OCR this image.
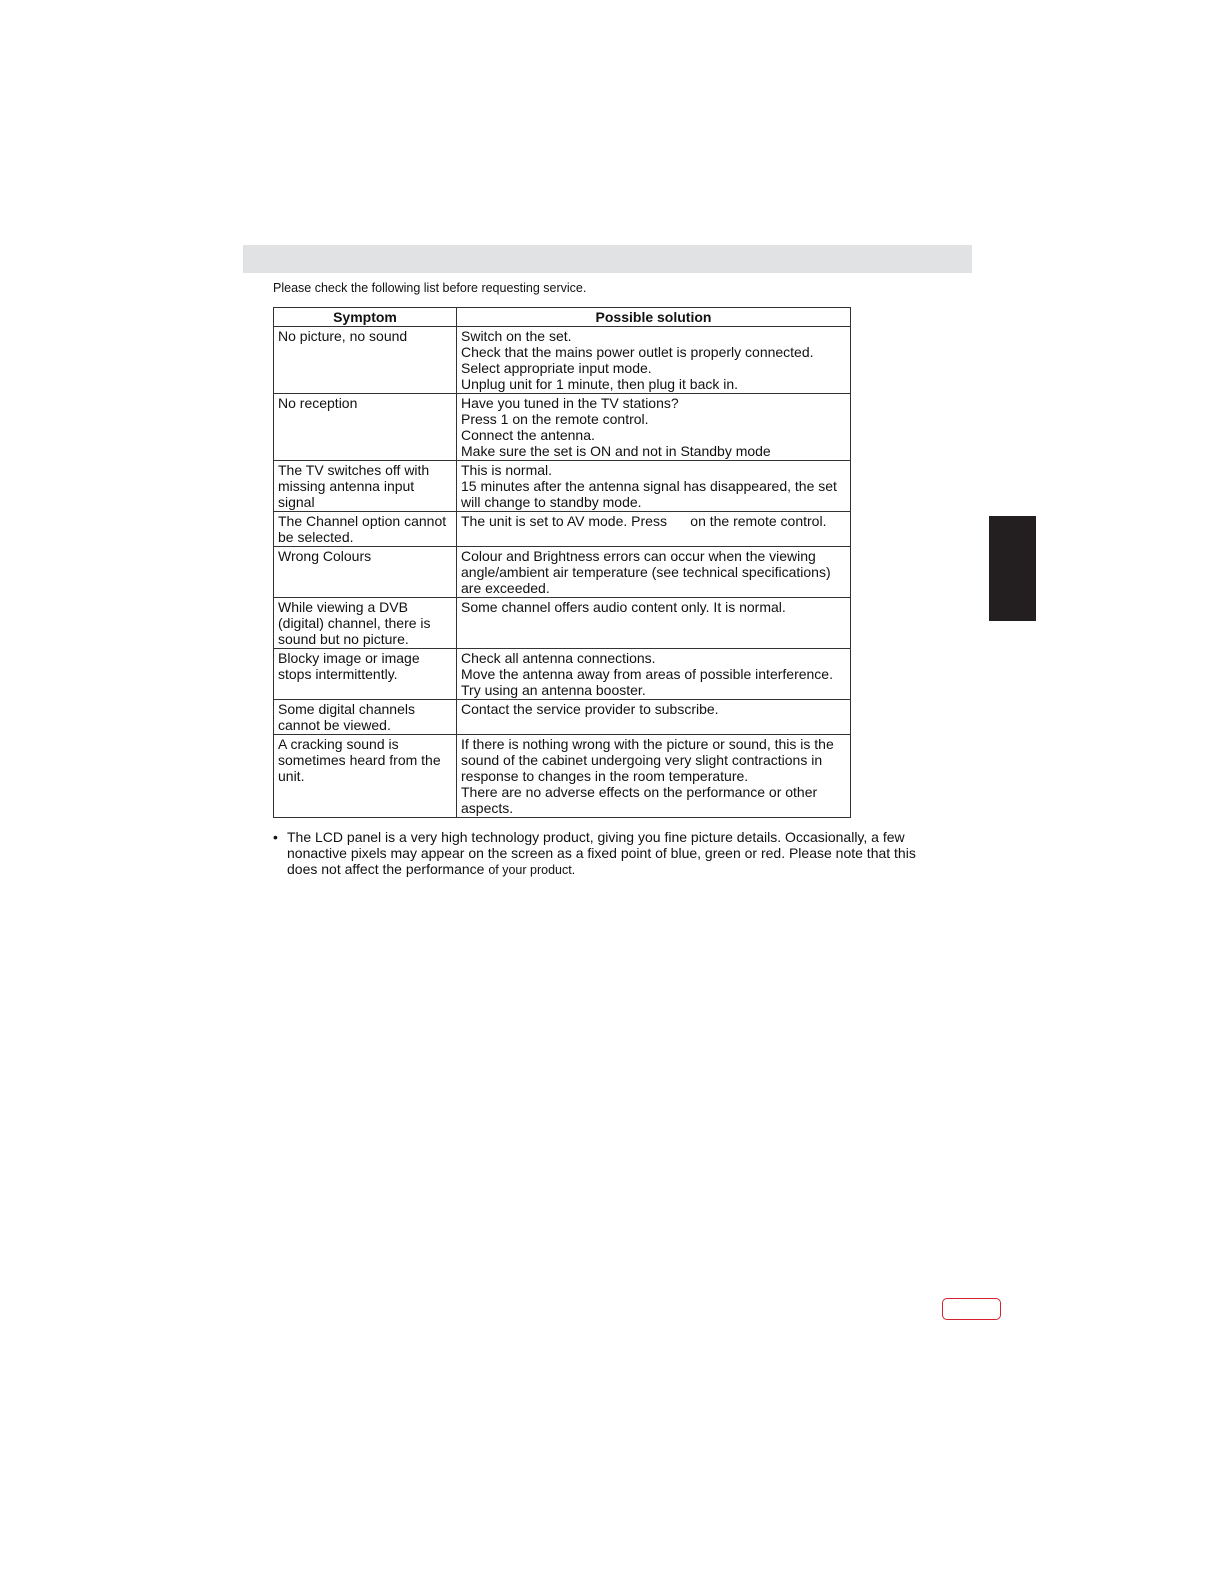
Please check the following list before requesting service.
Symptom	Possible solution
No picture, no sound	Switch on the set.
Check that the mains power outlet is properly connected.
Select appropriate input mode.
Unplug unit for 1 minute, then plug it back in.

No reception	Have you tuned in the TV stations?
Press 1 on the remote control.
Connect the antenna.
Make sure the set is ON and not in Standby mode

The TV switches off with missing antenna input signal	This is normal.
15 minutes after the antenna signal has disappeared, the set will change to standby mode.

The Channel option cannot be selected.	The unit is set to AV mode. Press      on the remote control.

Wrong Colours	Colour and Brightness errors can occur when the viewing angle/ambient air temperature (see technical specifications) are exceeded.

While viewing a DVB (digital) channel, there is sound but no picture.	Some channel offers audio content only. It is normal.

Blocky image or image stops intermittently.	Check all antenna connections.
Move the antenna away from areas of possible interference.
Try using an antenna booster.

Some digital channels cannot be viewed.	Contact the service provider to subscribe.

A cracking sound is sometimes heard from the unit.	If there is nothing wrong with the picture or sound, this is the sound of the cabinet undergoing very slight contractions in response to changes in the room temperature.
There are no adverse effects on the performance or other aspects.
• The LCD panel is a very high technology product, giving you fine picture details. Occasionally, a few nonactive pixels may appear on the screen as a fixed point of blue, green or red. Please note that this does not affect the performance of your product.
